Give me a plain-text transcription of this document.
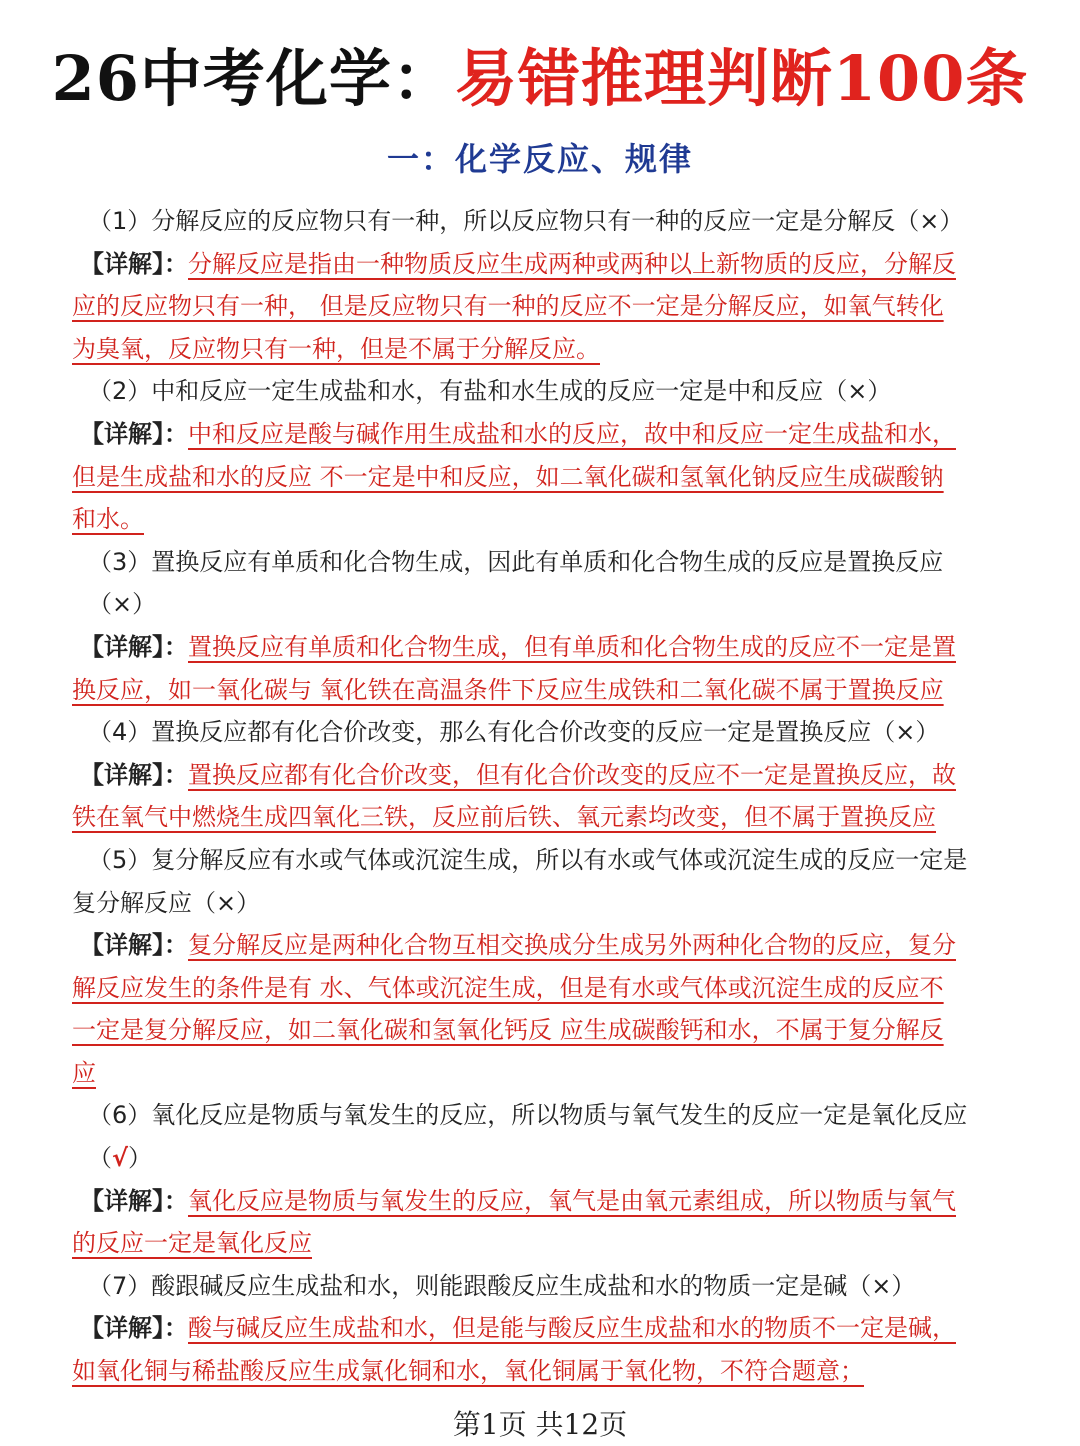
26中考化学：易错推理判断100条
一：化学反应、规律
（1）分解反应的反应物只有一种，所以反应物只有一种的反应一定是分解反（×）
【详解】：分解反应是指由一种物质反应生成两种或两种以上新物质的反应，分解反
应的反应物只有一种， 但是反应物只有一种的反应不一定是分解反应，如氧气转化
为臭氧，反应物只有一种，但是不属于分解反应。
（2）中和反应一定生成盐和水，有盐和水生成的反应一定是中和反应（×）
【详解】：中和反应是酸与碱作用生成盐和水的反应，故中和反应一定生成盐和水，
但是生成盐和水的反应 不一定是中和反应，如二氧化碳和氢氧化钠反应生成碳酸钠
和水。
（3）置换反应有单质和化合物生成，因此有单质和化合物生成的反应是置换反应
（×）
【详解】：置换反应有单质和化合物生成，但有单质和化合物生成的反应不一定是置
换反应，如一氧化碳与 氧化铁在高温条件下反应生成铁和二氧化碳不属于置换反应
（4）置换反应都有化合价改变，那么有化合价改变的反应一定是置换反应（×）
【详解】：置换反应都有化合价改变，但有化合价改变的反应不一定是置换反应，故
铁在氧气中燃烧生成四氧化三铁，反应前后铁、氧元素均改变，但不属于置换反应
（5）复分解反应有水或气体或沉淀生成，所以有水或气体或沉淀生成的反应一定是
复分解反应（×）
【详解】：复分解反应是两种化合物互相交换成分生成另外两种化合物的反应，复分
解反应发生的条件是有 水、气体或沉淀生成，但是有水或气体或沉淀生成的反应不
一定是复分解反应，如二氧化碳和氢氧化钙反 应生成碳酸钙和水，不属于复分解反
应
（6）氧化反应是物质与氧发生的反应，所以物质与氧气发生的反应一定是氧化反应
（√）
【详解】：氧化反应是物质与氧发生的反应，氧气是由氧元素组成，所以物质与氧气
的反应一定是氧化反应
（7）酸跟碱反应生成盐和水，则能跟酸反应生成盐和水的物质一定是碱（×）
【详解】：酸与碱反应生成盐和水，但是能与酸反应生成盐和水的物质不一定是碱，
如氧化铜与稀盐酸反应生成氯化铜和水，氧化铜属于氧化物，不符合题意；
第1页 共12页
